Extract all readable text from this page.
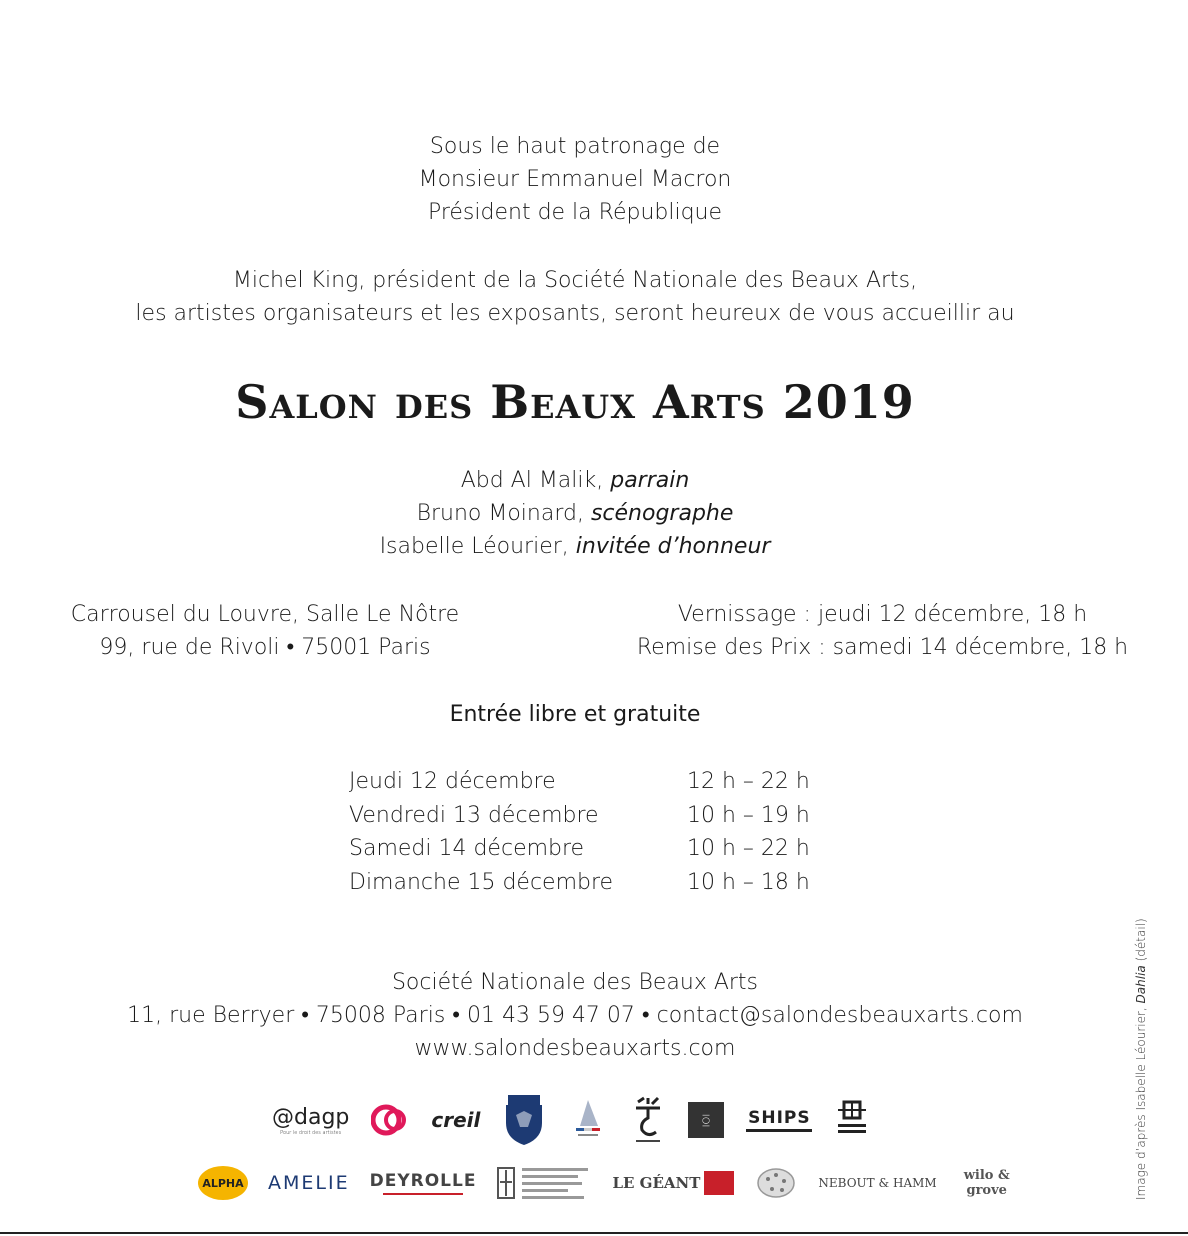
Sous le haut patronage de
Monsieur Emmanuel Macron
Président de la République
Michel King, président de la Société Nationale des Beaux Arts,
les artistes organisateurs et les exposants, seront heureux de vous accueillir au
Salon des Beaux Arts 2019
Abd Al Malik, parrain
Bruno Moinard, scénographe
Isabelle Léourier, invitée d’honneur
Carrousel du Louvre, Salle Le Nôtre
99, rue de Rivoli • 75001 Paris
Vernissage : jeudi 12 décembre, 18 h
Remise des Prix : samedi 14 décembre, 18 h
Entrée libre et gratuite
Jeudi 12 décembre	12 h – 22 h
Vendredi 13 décembre	10 h – 19 h
Samedi 14 décembre	10 h – 22 h
Dimanche 15 décembre	10 h – 18 h
Société Nationale des Beaux Arts
11, rue Berryer • 75008 Paris • 01 43 59 47 07 • contact@salondesbeauxarts.com
www.salondesbeauxarts.com	Image d’après Isabelle Léourier, Dahlia (détail)
@dagp
Pour le droit des artistes
creil	IOI SHIPS
ALPHA AMELIE DEYROLLE	LE GÉANT	NEBOUT & HAMM	wilo & grove
